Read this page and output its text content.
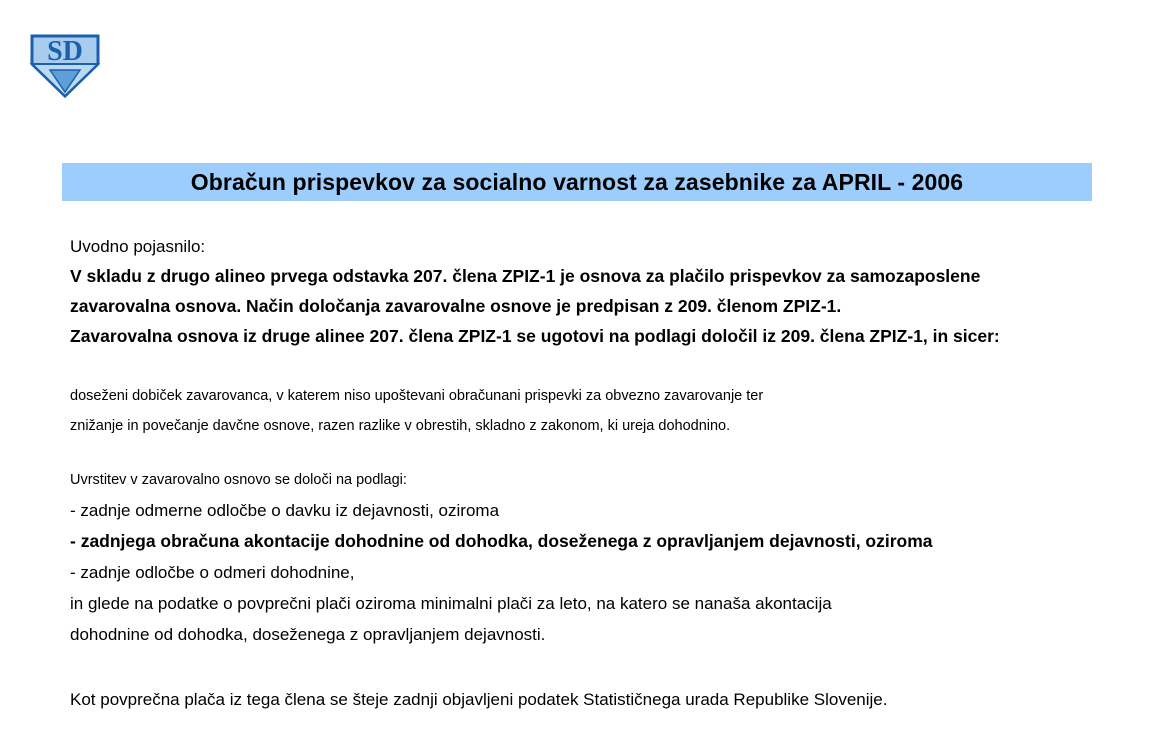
SD
Obračun prispevkov za socialno varnost za zasebnike za APRIL - 2006
Uvodno pojasnilo:
V skladu z drugo alineo prvega odstavka 207. člena ZPIZ-1 je osnova za plačilo prispevkov za samozaposlene
zavarovalna osnova. Način določanja zavarovalne osnove je predpisan z 209. členom ZPIZ-1.
Zavarovalna osnova iz druge alinee 207. člena ZPIZ-1 se ugotovi na podlagi določil iz 209. člena ZPIZ-1, in sicer:
doseženi dobiček zavarovanca, v katerem niso upoštevani obračunani prispevki za obvezno zavarovanje ter
znižanje in povečanje davčne osnove, razen razlike v obrestih, skladno z zakonom, ki ureja dohodnino.
Uvrstitev v zavarovalno osnovo se določi na podlagi:
- zadnje odmerne odločbe o davku iz dejavnosti, oziroma
- zadnjega obračuna akontacije dohodnine od dohodka, doseženega z opravljanjem dejavnosti, oziroma
- zadnje odločbe o odmeri dohodnine,
in glede na podatke o povprečni plači oziroma minimalni plači za leto, na katero se nanaša akontacija
dohodnine od dohodka, doseženega z opravljanjem dejavnosti.
Kot povprečna plača iz tega člena se šteje zadnji objavljeni podatek Statističnega urada Republike Slovenije.
